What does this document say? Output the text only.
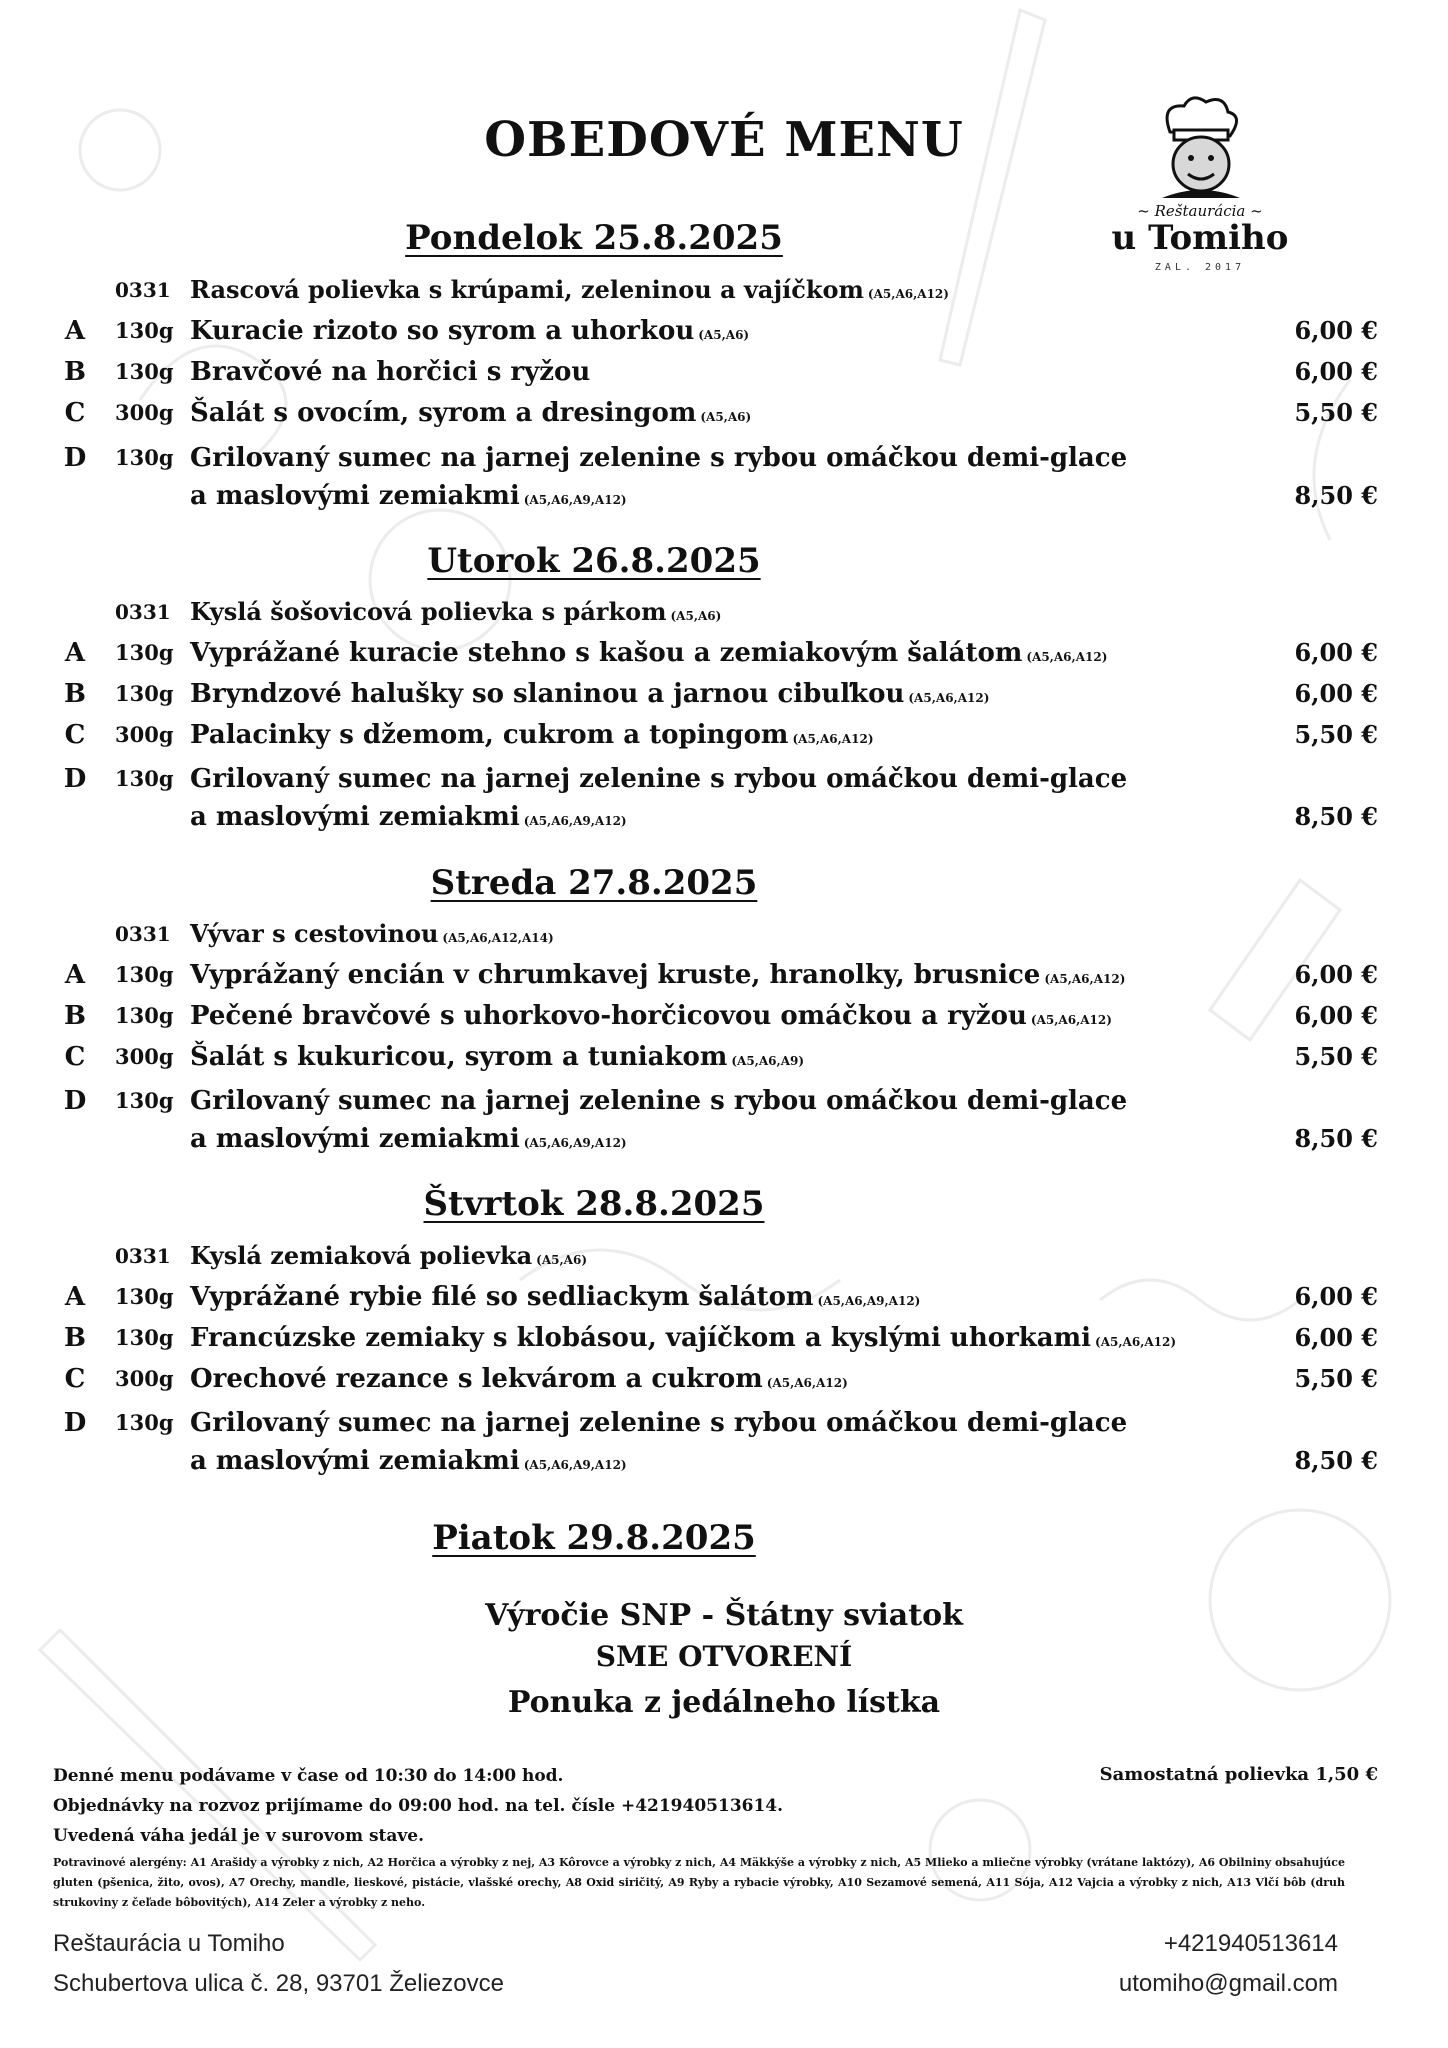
OBEDOVÉ MENU
~ Reštaurácia ~
u Tomiho
ZAL. 2017
Pondelok 25.8.2025
0331 Rascová polievka s krúpami, zeleninou a vajíčkom (A5,A6,A12)
A 130g Kuracie rizoto so syrom a uhorkou (A5,A6)	6,00 €
B 130g Bravčové na horčici s ryžou	6,00 €
C 300g Šalát s ovocím, syrom a dresingom (A5,A6)	5,50 €
D 130g Grilovaný sumec na jarnej zelenine s rybou omáčkou demi-glace
a maslovými zemiakmi (A5,A6,A9,A12)	8,50 €
Utorok 26.8.2025
0331 Kyslá šošovicová polievka s párkom (A5,A6)
A 130g Vyprážané kuracie stehno s kašou a zemiakovým šalátom (A5,A6,A12)	6,00 €
B 130g Bryndzové halušky so slaninou a jarnou cibuľkou (A5,A6,A12)	6,00 €
C 300g Palacinky s džemom, cukrom a topingom (A5,A6,A12)	5,50 €
D 130g Grilovaný sumec na jarnej zelenine s rybou omáčkou demi-glace
a maslovými zemiakmi (A5,A6,A9,A12)	8,50 €
Streda 27.8.2025
0331 Vývar s cestovinou (A5,A6,A12,A14)
A 130g Vyprážaný encián v chrumkavej kruste, hranolky, brusnice (A5,A6,A12)	6,00 €
B 130g Pečené bravčové s uhorkovo-horčicovou omáčkou a ryžou (A5,A6,A12)	6,00 €
C 300g Šalát s kukuricou, syrom a tuniakom (A5,A6,A9)	5,50 €
D 130g Grilovaný sumec na jarnej zelenine s rybou omáčkou demi-glace
a maslovými zemiakmi (A5,A6,A9,A12)	8,50 €
Štvrtok 28.8.2025
0331 Kyslá zemiaková polievka (A5,A6)
A 130g Vyprážané rybie filé so sedliackym šalátom (A5,A6,A9,A12)	6,00 €
B 130g Francúzske zemiaky s klobásou, vajíčkom a kyslými uhorkami (A5,A6,A12)	6,00 €
C 300g Orechové rezance s lekvárom a cukrom (A5,A6,A12)	5,50 €
D 130g Grilovaný sumec na jarnej zelenine s rybou omáčkou demi-glace
a maslovými zemiakmi (A5,A6,A9,A12)	8,50 €
Piatok 29.8.2025
Výročie SNP - Štátny sviatok
SME OTVORENÍ
Ponuka z jedálneho lístka
Denné menu podávame v čase od 10:30 do 14:00 hod.	Samostatná polievka 1,50 €
Objednávky na rozvoz prijímame do 09:00 hod. na tel. čísle +421940513614.
Uvedená váha jedál je v surovom stave.
Potravinové alergény: A1 Arašidy a výrobky z nich, A2 Horčica a výrobky z nej, A3 Kôrovce a výrobky z nich, A4 Mäkkýše a výrobky z nich, A5 Mlieko a mliečne výrobky (vrátane laktózy), A6 Obilniny obsahujúce gluten (pšenica, žito, ovos), A7 Orechy, mandle, lieskové, pistácie, vlašské orechy, A8 Oxid siričitý, A9 Ryby a rybacie výrobky, A10 Sezamové semená, A11 Sója, A12 Vajcia a výrobky z nich, A13 Vlčí bôb (druh strukoviny z čeľade bôbovitých), A14 Zeler a výrobky z neho.
Reštaurácia u Tomiho
Schubertova ulica č. 28, 93701 Želiezovce
+421940513614
utomiho@gmail.com
